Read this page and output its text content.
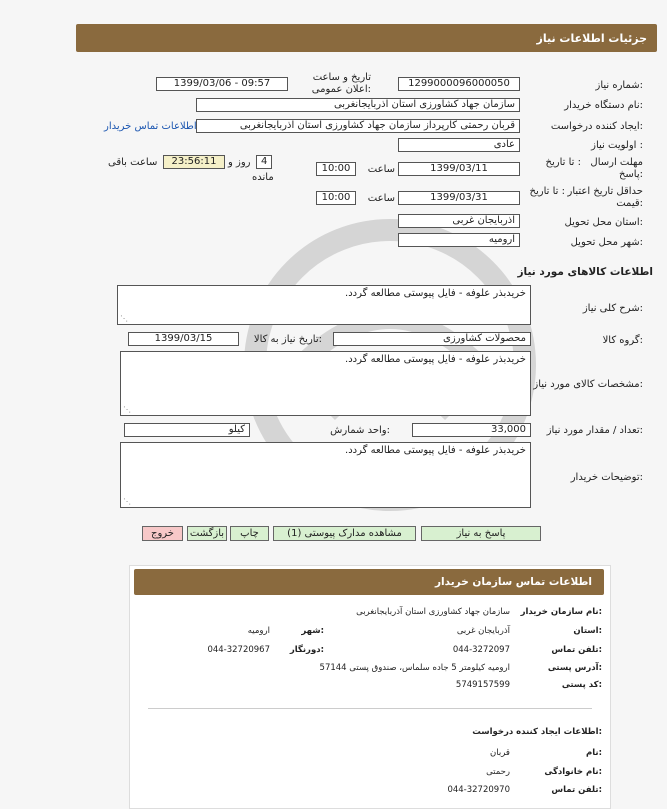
جزئیات اطلاعات نیاز
شماره نیاز:
1299000096000050
تاریخ و ساعت اعلان عمومی:
1399/03/06 - 09:57
نام دستگاه خریدار:
سازمان جهاد کشاورزی استان آذربایجانغربی
ایجاد کننده درخواست:
قربان رحمتی کارپرداز سازمان جهاد کشاورزی استان آذربایجانغربی
اطلاعات تماس خریدار
اولویت نیاز :
عادی
مهلت ارسال
پاسخ:
تا تاریخ :
1399/03/11
ساعت
10:00
4
روز و
23:56:11
ساعت باقی
مانده
حداقل تاریخ اعتبار
قیمت:
تا تاریخ :
1399/03/31
ساعت
10:00
استان محل تحویل:
آذربایجان غربی
شهر محل تحویل:
ارومیه
اطلاعات کالاهای مورد نیاز
شرح کلی نیاز:
خریدبذر علوفه - فایل پیوستی مطالعه گردد.
⋰
گروه کالا:
محصولات کشاورزی
تاریخ نیاز به کالا:
1399/03/15
مشخصات کالای مورد نیاز:
خریدبذر علوفه - فایل پیوستی مطالعه گردد.
⋰
تعداد / مقدار مورد نیاز:
33,000
واحد شمارش:
کیلو
توضیحات خریدار:
خریدبذر علوفه - فایل پیوستی مطالعه گردد.
⋰
پاسخ به نیاز
مشاهده مدارک پیوستی (1)
چاپ
بازگشت
خروج
اطلاعات تماس سازمان خریدار
نام سازمان خریدار:
سازمان جهاد کشاورزی استان آذربایجانغربی
استان:
آذربایجان غربی
شهر:
ارومیه
تلفن تماس:
044-3272097
دورنگار:
044-32720967
آدرس پستی:
ارومیه کیلومتر 5 جاده سلماس، صندوق پستی 57144
کد پستی:
5749157599
اطلاعات ایجاد کننده درخواست:
نام:
قربان
نام خانوادگی:
رحمتی
تلفن تماس:
044-32720970
